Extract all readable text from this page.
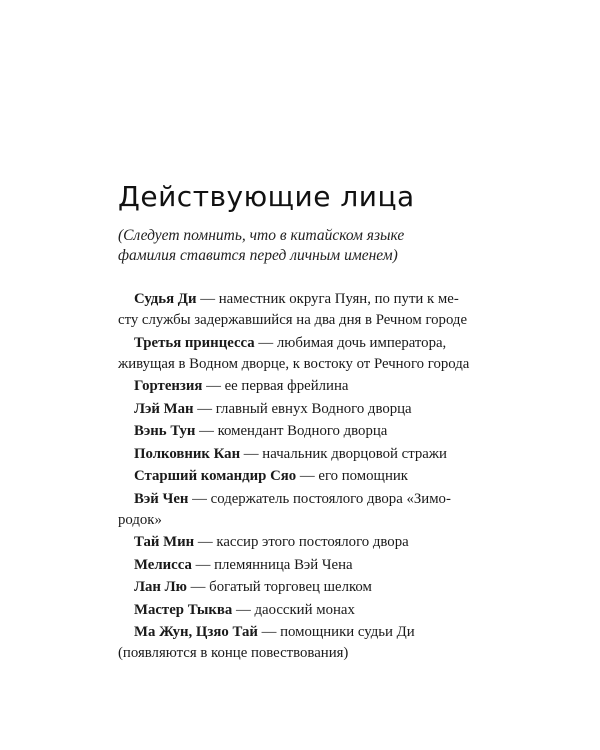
Действующие лица

(Следует помнить, что в китайском языке
фамилия ставится перед личным именем)

Судья Ди — наместник округа Пуян, по пути к ме-
сту службы задержавшийся на два дня в Речном городе
Третья принцесса — любимая дочь императора,
живущая в Водном дворце, к востоку от Речного города
Гортензия — ее первая фрейлина
Лэй Ман — главный евнух Водного дворца
Вэнь Тун — комендант Водного дворца
Полковник Кан — начальник дворцовой стражи
Старший командир Сяо — его помощник
Вэй Чен — содержатель постоялого двора «Зимо-
родок»
Тай Мин — кассир этого постоялого двора
Мелисса — племянница Вэй Чена
Лан Лю — богатый торговец шелком
Мастер Тыква — даосский монах
Ма Жун, Цзяо Тай — помощники судьи Ди
(появляются в конце повествования)
